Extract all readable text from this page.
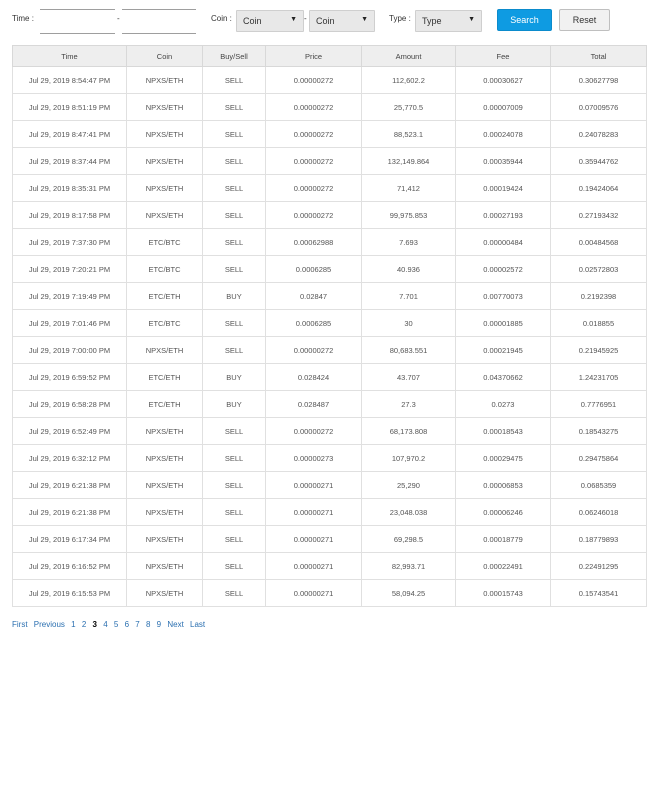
Time :	-	Coin : Coin	▼ - Coin	▼	Type : Type	▼	Search	Reset
Time	Coin	Buy/Sell	Price	Amount	Fee	Total
Jul 29, 2019 8:54:47 PM	NPXS/ETH	SELL	0.00000272	112,602.2	0.00030627	0.30627798
Jul 29, 2019 8:51:19 PM	NPXS/ETH	SELL	0.00000272	25,770.5	0.00007009	0.07009576
Jul 29, 2019 8:47:41 PM	NPXS/ETH	SELL	0.00000272	88,523.1	0.00024078	0.24078283
Jul 29, 2019 8:37:44 PM	NPXS/ETH	SELL	0.00000272	132,149.864	0.00035944	0.35944762
Jul 29, 2019 8:35:31 PM	NPXS/ETH	SELL	0.00000272	71,412	0.00019424	0.19424064
Jul 29, 2019 8:17:58 PM	NPXS/ETH	SELL	0.00000272	99,975.853	0.00027193	0.27193432
Jul 29, 2019 7:37:30 PM	ETC/BTC	SELL	0.00062988	7.693	0.00000484	0.00484568
Jul 29, 2019 7:20:21 PM	ETC/BTC	SELL	0.0006285	40.936	0.00002572	0.02572803
Jul 29, 2019 7:19:49 PM	ETC/ETH	BUY	0.02847	7.701	0.00770073	0.2192398
Jul 29, 2019 7:01:46 PM	ETC/BTC	SELL	0.0006285	30	0.00001885	0.018855
Jul 29, 2019 7:00:00 PM	NPXS/ETH	SELL	0.00000272	80,683.551	0.00021945	0.21945925
Jul 29, 2019 6:59:52 PM	ETC/ETH	BUY	0.028424	43.707	0.04370662	1.24231705
Jul 29, 2019 6:58:28 PM	ETC/ETH	BUY	0.028487	27.3	0.0273	0.7776951
Jul 29, 2019 6:52:49 PM	NPXS/ETH	SELL	0.00000272	68,173.808	0.00018543	0.18543275
Jul 29, 2019 6:32:12 PM	NPXS/ETH	SELL	0.00000273	107,970.2	0.00029475	0.29475864
Jul 29, 2019 6:21:38 PM	NPXS/ETH	SELL	0.00000271	25,290	0.00006853	0.0685359
Jul 29, 2019 6:21:38 PM	NPXS/ETH	SELL	0.00000271	23,048.038	0.00006246	0.06246018
Jul 29, 2019 6:17:34 PM	NPXS/ETH	SELL	0.00000271	69,298.5	0.00018779	0.18779893
Jul 29, 2019 6:16:52 PM	NPXS/ETH	SELL	0.00000271	82,993.71	0.00022491	0.22491295
Jul 29, 2019 6:15:53 PM	NPXS/ETH	SELL	0.00000271	58,094.25	0.00015743	0.15743541
First Previous 1 2 3 4 5 6 7 8 9 Next Last
